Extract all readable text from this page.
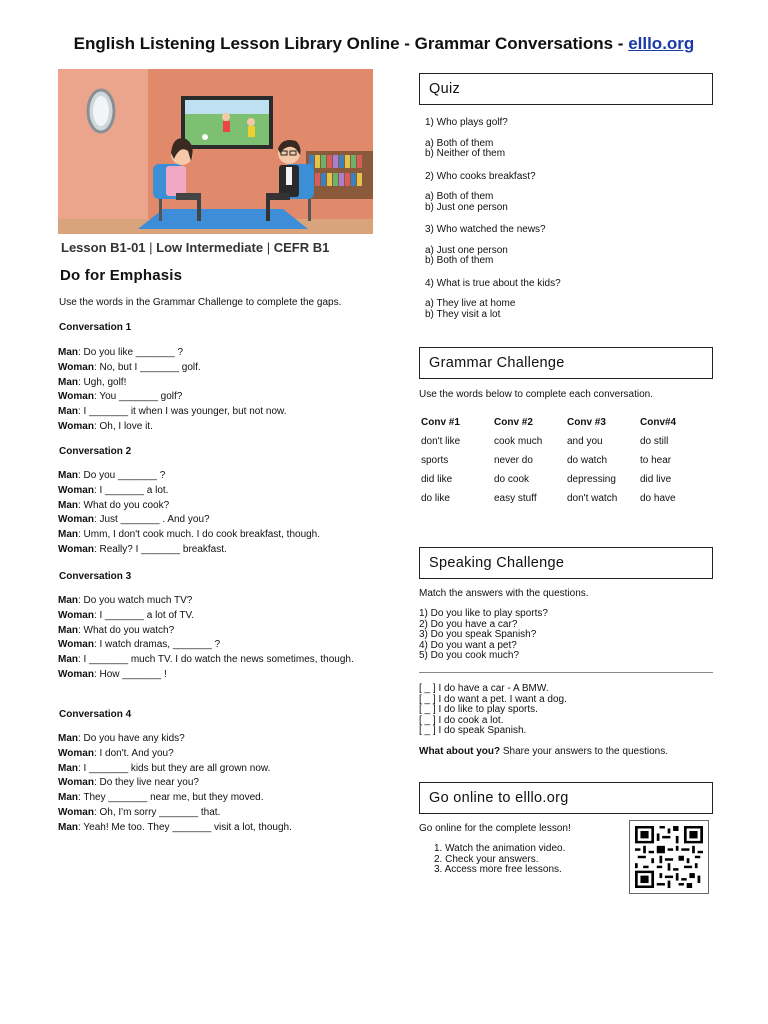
English Listening Lesson Library Online - Grammar Conversations - elllo.org
Lesson B1-01 | Low Intermediate | CEFR B1
Do for Emphasis
Use the words in the Grammar Challenge to complete the gaps.
Conversation 1
Man: Do you like _______ ?
Woman: No, but I _______ golf.
Man: Ugh, golf!
Woman: You _______ golf?
Man: I _______ it when I was younger, but not now.
Woman: Oh, I love it.
Conversation 2
Man: Do you _______ ?
Woman: I _______ a lot.
Man: What do you cook?
Woman: Just _______ . And you?
Man: Umm, I don't cook much. I do cook breakfast, though.
Woman: Really? I _______ breakfast.
Conversation 3
Man: Do you watch much TV?
Woman: I _______ a lot of TV.
Man: What do you watch?
Woman: I watch dramas, _______ ?
Man: I _______ much TV. I do watch the news sometimes, though.
Woman: How _______ !
Conversation 4
Man: Do you have any kids?
Woman: I don't. And you?
Man: I _______ kids but they are all grown now.
Woman: Do they live near you?
Man: They _______ near me, but they moved.
Woman: Oh, I'm sorry _______ that.
Man: Yeah! Me too. They _______ visit a lot, though.
Quiz
1) Who plays golf?
a) Both of them
b) Neither of them
2) Who cooks breakfast?
a) Both of them
b) Just one person
3) Who watched the news?
a) Just one person
b) Both of them
4) What is true about the kids?
a) They live at home
b) They visit a lot
Grammar Challenge
Use the words below to complete each conversation.
Conv #1	Conv #2	Conv #3	Conv#4
don't like	cook much	and you	do still
sports	never do	do watch	to hear
did like	do cook	depressing	did live
do like	easy stuff	don't watch	do have
Speaking Challenge
Match the answers with the questions.
1) Do you like to play sports?
2) Do you have a car?
3) Do you speak Spanish?
4) Do you want a pet?
5) Do you cook much?
[ _ ] I do have a car - A BMW.
[ _ ] I do want a pet. I want a dog.
[ _ ] I do like to play sports.
[ _ ] I do cook a lot.
[ _ ] I do speak Spanish.
What about you? Share your answers to the questions.
Go online to elllo.org
Go online for the complete lesson!
1. Watch the animation video.
2. Check your answers.
3. Access more free lessons.
